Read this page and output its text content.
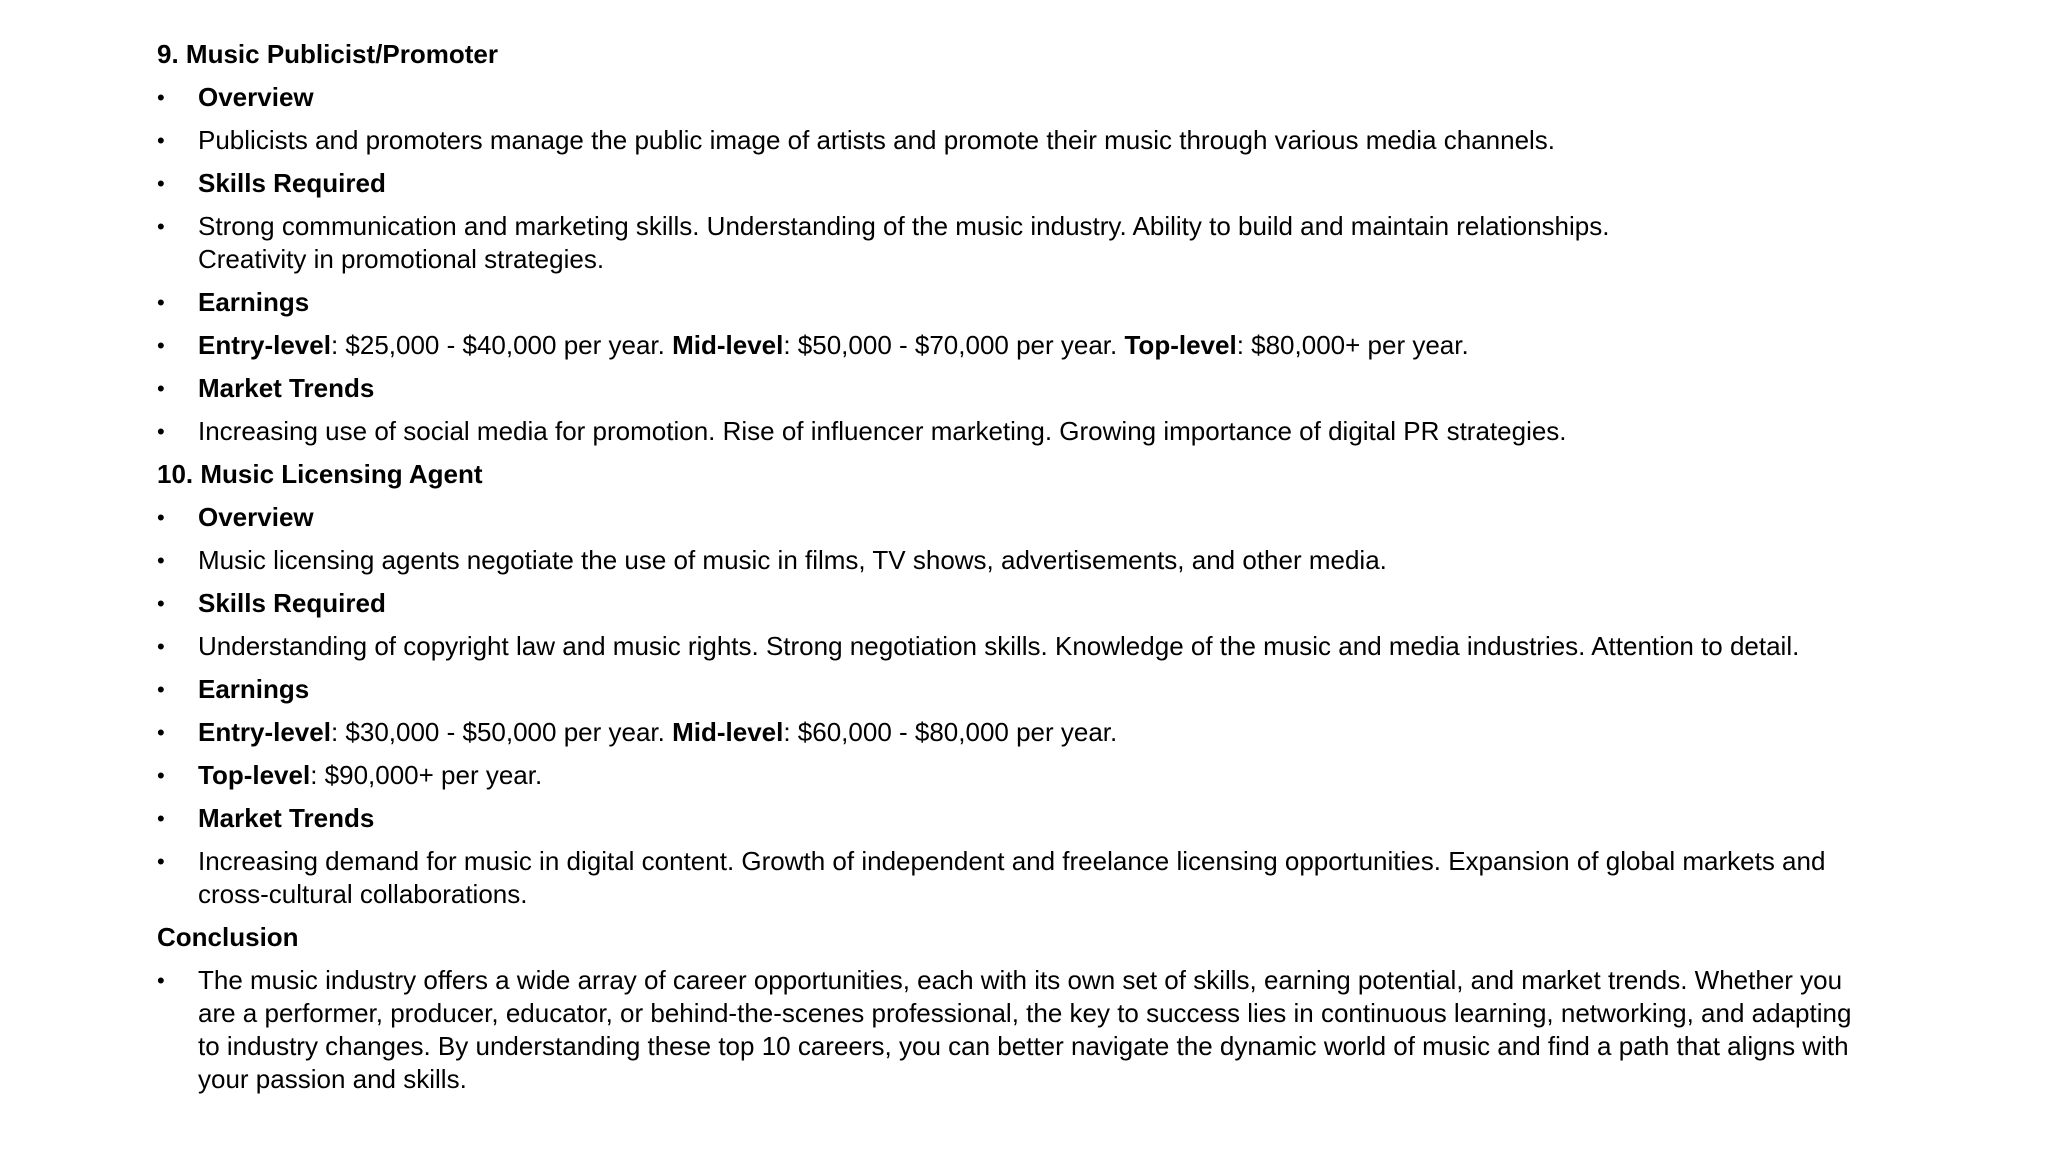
9. Music Publicist/Promoter

•	Overview

•	Publicists and promoters manage the public image of artists and promote their music through various media channels.

•	Skills Required

•	Strong communication and marketing skills. Understanding of the music industry. Ability to build and maintain relationships. Creativity in promotional strategies.

•	Earnings

•	Entry-level: $25,000 - $40,000 per year. Mid-level: $50,000 - $70,000 per year. Top-level: $80,000+ per year.

•	Market Trends

•	Increasing use of social media for promotion. Rise of influencer marketing. Growing importance of digital PR strategies.

10. Music Licensing Agent

•	Overview

•	Music licensing agents negotiate the use of music in films, TV shows, advertisements, and other media.

•	Skills Required

•	Understanding of copyright law and music rights. Strong negotiation skills. Knowledge of the music and media industries. Attention to detail.

•	Earnings

•	Entry-level: $30,000 - $50,000 per year. Mid-level: $60,000 - $80,000 per year.

•	Top-level: $90,000+ per year.

•	Market Trends

•	Increasing demand for music in digital content. Growth of independent and freelance licensing opportunities. Expansion of global markets and cross-cultural collaborations.

Conclusion

•	The music industry offers a wide array of career opportunities, each with its own set of skills, earning potential, and market trends. Whether you are a performer, producer, educator, or behind-the-scenes professional, the key to success lies in continuous learning, networking, and adapting to industry changes. By understanding these top 10 careers, you can better navigate the dynamic world of music and find a path that aligns with your passion and skills.
